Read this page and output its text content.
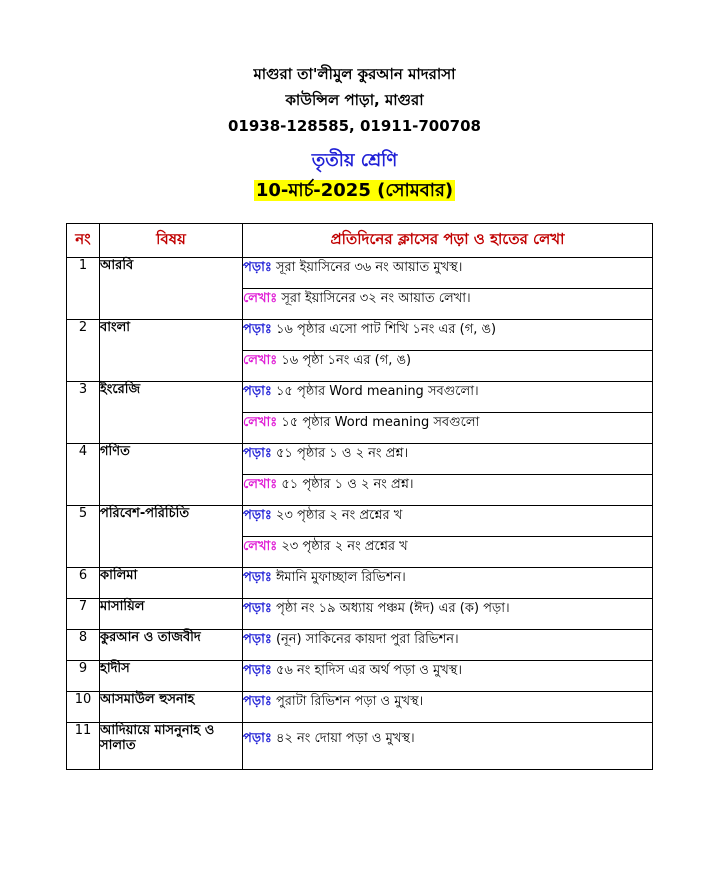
মাগুরা তা'লীমুল কুরআন মাদরাসা
কাউন্সিল পাড়া, মাগুরা
01938-128585, 01911-700708
তৃতীয় শ্রেণি
10-মার্চ-2025 (সোমবার)
নং	বিষয়	প্রতিদিনের ক্লাসের পড়া ও হাতের লেখা
1	আরবি	পড়াঃ সূরা ইয়াসিনের ৩৬ নং আয়াত মুখস্থ।
		লেখাঃ সূরা ইয়াসিনের ৩২ নং আয়াত লেখা।
2	বাংলা	পড়াঃ ১৬ পৃষ্ঠার এসো পাট শিখি ১নং এর (গ, ঙ)
		লেখাঃ ১৬ পৃষ্ঠা ১নং এর (গ, ঙ)
3	ইংরেজি	পড়াঃ ১৫ পৃষ্ঠার Word meaning সবগুলো।
		লেখাঃ ১৫ পৃষ্ঠার Word meaning সবগুলো
4	গণিত	পড়াঃ ৫১ পৃষ্ঠার ১ ও ২ নং প্রশ্ন।
		লেখাঃ ৫১ পৃষ্ঠার ১ ও ২ নং প্রশ্ন।
5	পরিবেশ-পরিচিতি	পড়াঃ ২৩ পৃষ্ঠার ২ নং প্রশ্নের খ
		লেখাঃ ২৩ পৃষ্ঠার ২ নং প্রশ্নের খ
6	কালিমা	পড়াঃ ঈমানি মুফাচ্ছাল রিভিশন।
7	মাসায়িল	পড়াঃ পৃষ্ঠা নং ১৯ অধ্যায় পঞ্চম (ঈদ) এর (ক) পড়া।
8	কুরআন ও তাজবীদ	পড়াঃ (নূন) সাকিনের কায়দা পুরা রিভিশন।
9	হাদীস	পড়াঃ ৫৬ নং হাদিস এর অর্থ পড়া ও মুখস্থ।
10	আসমাউল হুসনাহ	পড়াঃ পুরাটা রিভিশন পড়া ও মুখস্থ।
11	আদিয়ায়ে মাসনুনাহ ও সালাত	পড়াঃ ৪২ নং দোয়া পড়া ও মুখস্থ।
